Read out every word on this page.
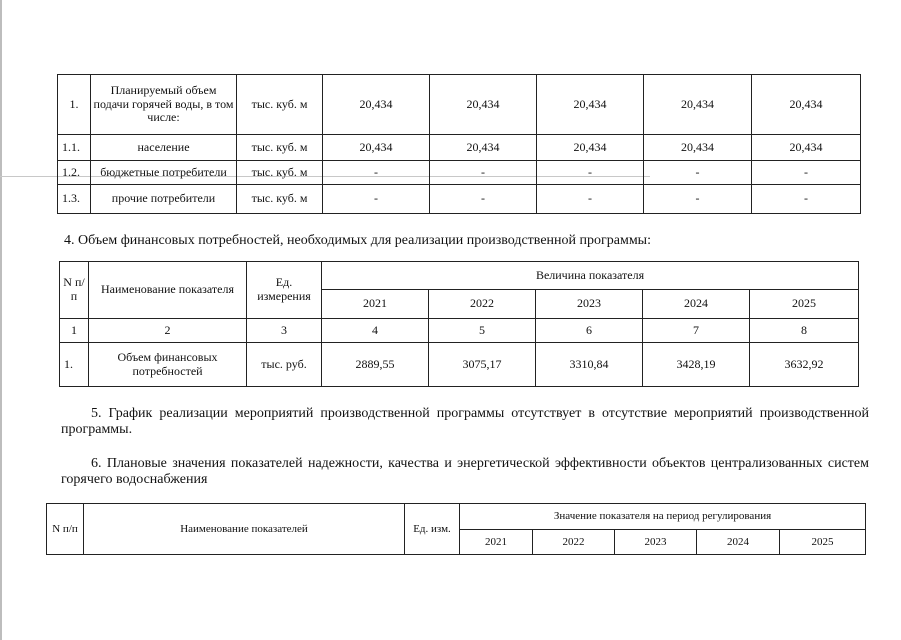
1.	Планируемый объем подачи горячей воды, в том числе:	тыс. куб. м	20,434	20,434	20,434	20,434	20,434
1.1.	население	тыс. куб. м	20,434	20,434	20,434	20,434	20,434
1.2.	бюджетные потребители	тыс. куб. м	-	-	-	-	-
1.3.	прочие потребители	тыс. куб. м	-	-	-	-	-
4. Объем финансовых потребностей, необходимых для реализации производственной программы:
N п/ п	Наименование показателя	Ед. измерения	Величина показателя				
			2021	2022	2023	2024	2025
1	2	3	4	5	6	7	8
1.	Объем финансовых потребностей	тыс. руб.	2889,55	3075,17	3310,84	3428,19	3632,92
5. График реализации мероприятий производственной программы отсутствует в отсутствие мероприятий производственной программы.
6. Плановые значения показателей надежности, качества и энергетической эффективности объектов централизованных систем горячего водоснабжения
N п/п	Наименование показателей	Ед. изм.	Значение показателя на период регулирования				
			2021	2022	2023	2024	2025
